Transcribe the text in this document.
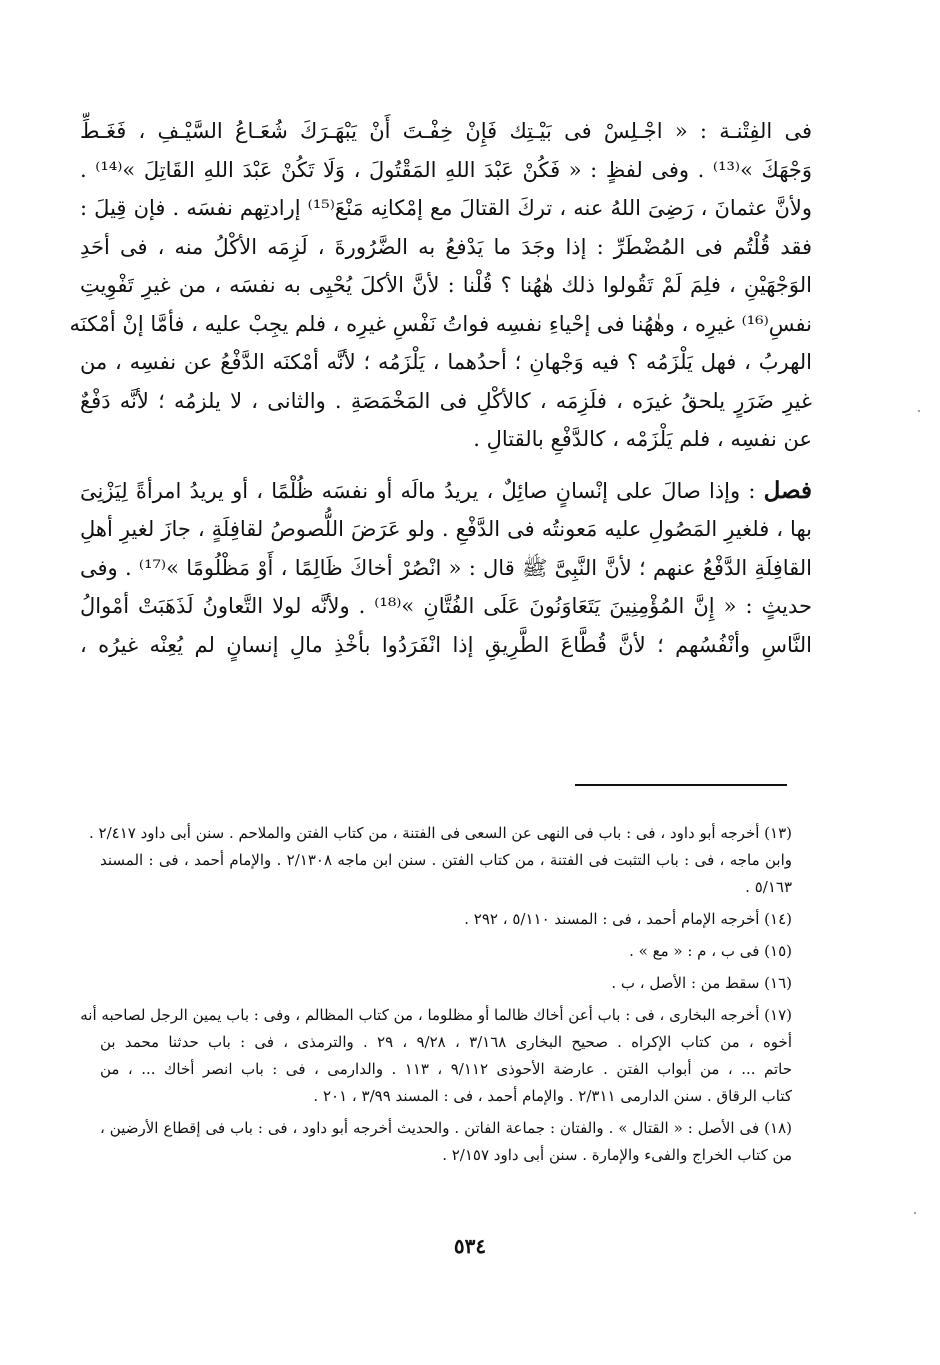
فى الفِتْنـة : « اجْـلِسْ فى بَيْـتِك فَإِنْ خِفْـتَ أَنْ يَبْهَـرَكَ شُعَـاعُ السَّيْـفِ ، فَغَـطِّ

وَجْهَكَ »⁽¹³⁾ . وفى لفظٍ : « فَكُنْ عَبْدَ اللهِ المَقْتُولَ ، وَلَا تَكُنْ عَبْدَ اللهِ القَاتِلَ »⁽¹⁴⁾ .

ولأنَّ عثمانَ ، رَضِىَ اللهُ عنه ، تركَ القتالَ مع إمْكانِه مَنْعَ⁽¹⁵⁾ إرادتِهم نفسَه . فإن قِيلَ :

فقد قُلْتُم فى المُضْطَرِّ : إذا وجَدَ ما يَدْفعُ به الضَّرُورةَ ، لَزِمَه الأكْلُ منه ، فى أحَدِ

الوَجْهَيْنِ ، فلِمَ لَمْ تَقُولوا ذلك هٰهُنا ؟ قُلْنا : لأنَّ الأكلَ يُحْيِى به نفسَه ، من غيرِ تَفْوِيتِ

نفسِ⁽¹⁶⁾ غيرِه ، وهٰهُنا فى إحْياءِ نفسِه فواتُ نَفْسِ غيرِه ، فلم يجِبْ عليه ، فأمَّا إنْ أمْكنَه

الهربُ ، فهل يَلْزَمُه ؟ فيه وَجْهانِ ؛ أحدُهما ، يَلْزَمُه ؛ لأنَّه أمْكنَه الدَّفْعُ عن نفسِه ، من

غيرِ ضَرَرٍ يلحقُ غيرَه ، فلَزِمَه ، كالأكْلِ فى المَخْمَصَةِ . والثانى ، لا يلزمُه ؛ لأنَّه دَفْعٌ

عن نفسِه ، فلم يَلْزَمْه ، كالدَّفْعِ بالقتالِ .

فصل : وإذا صالَ على إنْسانٍ صائِلٌ ، يريدُ مالَه أو نفسَه ظُلْمًا ، أو يريدُ امرأةً لِيَزْنِىَ

بها ، فلغيرِ المَصُولِ عليه مَعونتُه فى الدَّفْعِ . ولو عَرَضَ اللُّصوصُ لقافِلَةٍ ، جازَ لغيرِ أهلِ

القافِلَةِ الدَّفْعُ عنهم ؛ لأنَّ النَّبِىَّ ﷺ قال : « انْصُرْ أخاكَ ظَالِمًا ، أَوْ مَظْلُومًا »⁽¹⁷⁾ . وفى

حديثٍ : « إِنَّ المُؤْمِنِينَ يَتَعَاوَنُونَ عَلَى الفُتَّانِ »⁽¹⁸⁾ . ولأنَّه لولا التَّعاونُ لَذَهَبَتْ أمْوالُ

النَّاسِ وأنْفُسُهم ؛ لأنَّ قُطَّاعَ الطَّرِيقِ إذا انْفَرَدُوا بأخْذِ مالِ إنسانٍ لم يُعِنْه غيرُه ،

(١٣) أخرجه أبو داود ، فى : باب فى النهى عن السعى فى الفتنة ، من كتاب الفتن والملاحم . سنن أبى داود ٢/٤١٧ .

وابن ماجه ، فى : باب التثبت فى الفتنة ، من كتاب الفتن . سنن ابن ماجه ٢/١٣٠٨ . والإمام أحمد ، فى : المسند

٥/١٦٣ .

(١٤) أخرجه الإمام أحمد ، فى : المسند ٥/١١٠ ، ٢٩٢ .

(١٥) فى ب ، م : « مع » .

(١٦) سقط من : الأصل ، ب .

(١٧) أخرجه البخارى ، فى : باب أعن أخاك ظالما أو مظلوما ، من كتاب المظالم ، وفى : باب يمين الرجل لصاحبه أنه

أخوه ، من كتاب الإكراه . صحيح البخارى ٣/١٦٨ ، ٩/٢٨ ، ٢٩ . والترمذى ، فى : باب حدثنا محمد بن

حاتم ... ، من أبواب الفتن . عارضة الأحوذى ٩/١١٢ ، ١١٣ . والدارمى ، فى : باب انصر أخاك ... ، من

كتاب الرقاق . سنن الدارمى ٢/٣١١ . والإمام أحمد ، فى : المسند ٣/٩٩ ، ٢٠١ .

(١٨) فى الأصل : « القتال » . والفتان : جماعة الفاتن . والحديث أخرجه أبو داود ، فى : باب فى إقطاع الأرضين ،

من كتاب الخراج والفىء والإمارة . سنن أبى داود ٢/١٥٧ .

٥٣٤
